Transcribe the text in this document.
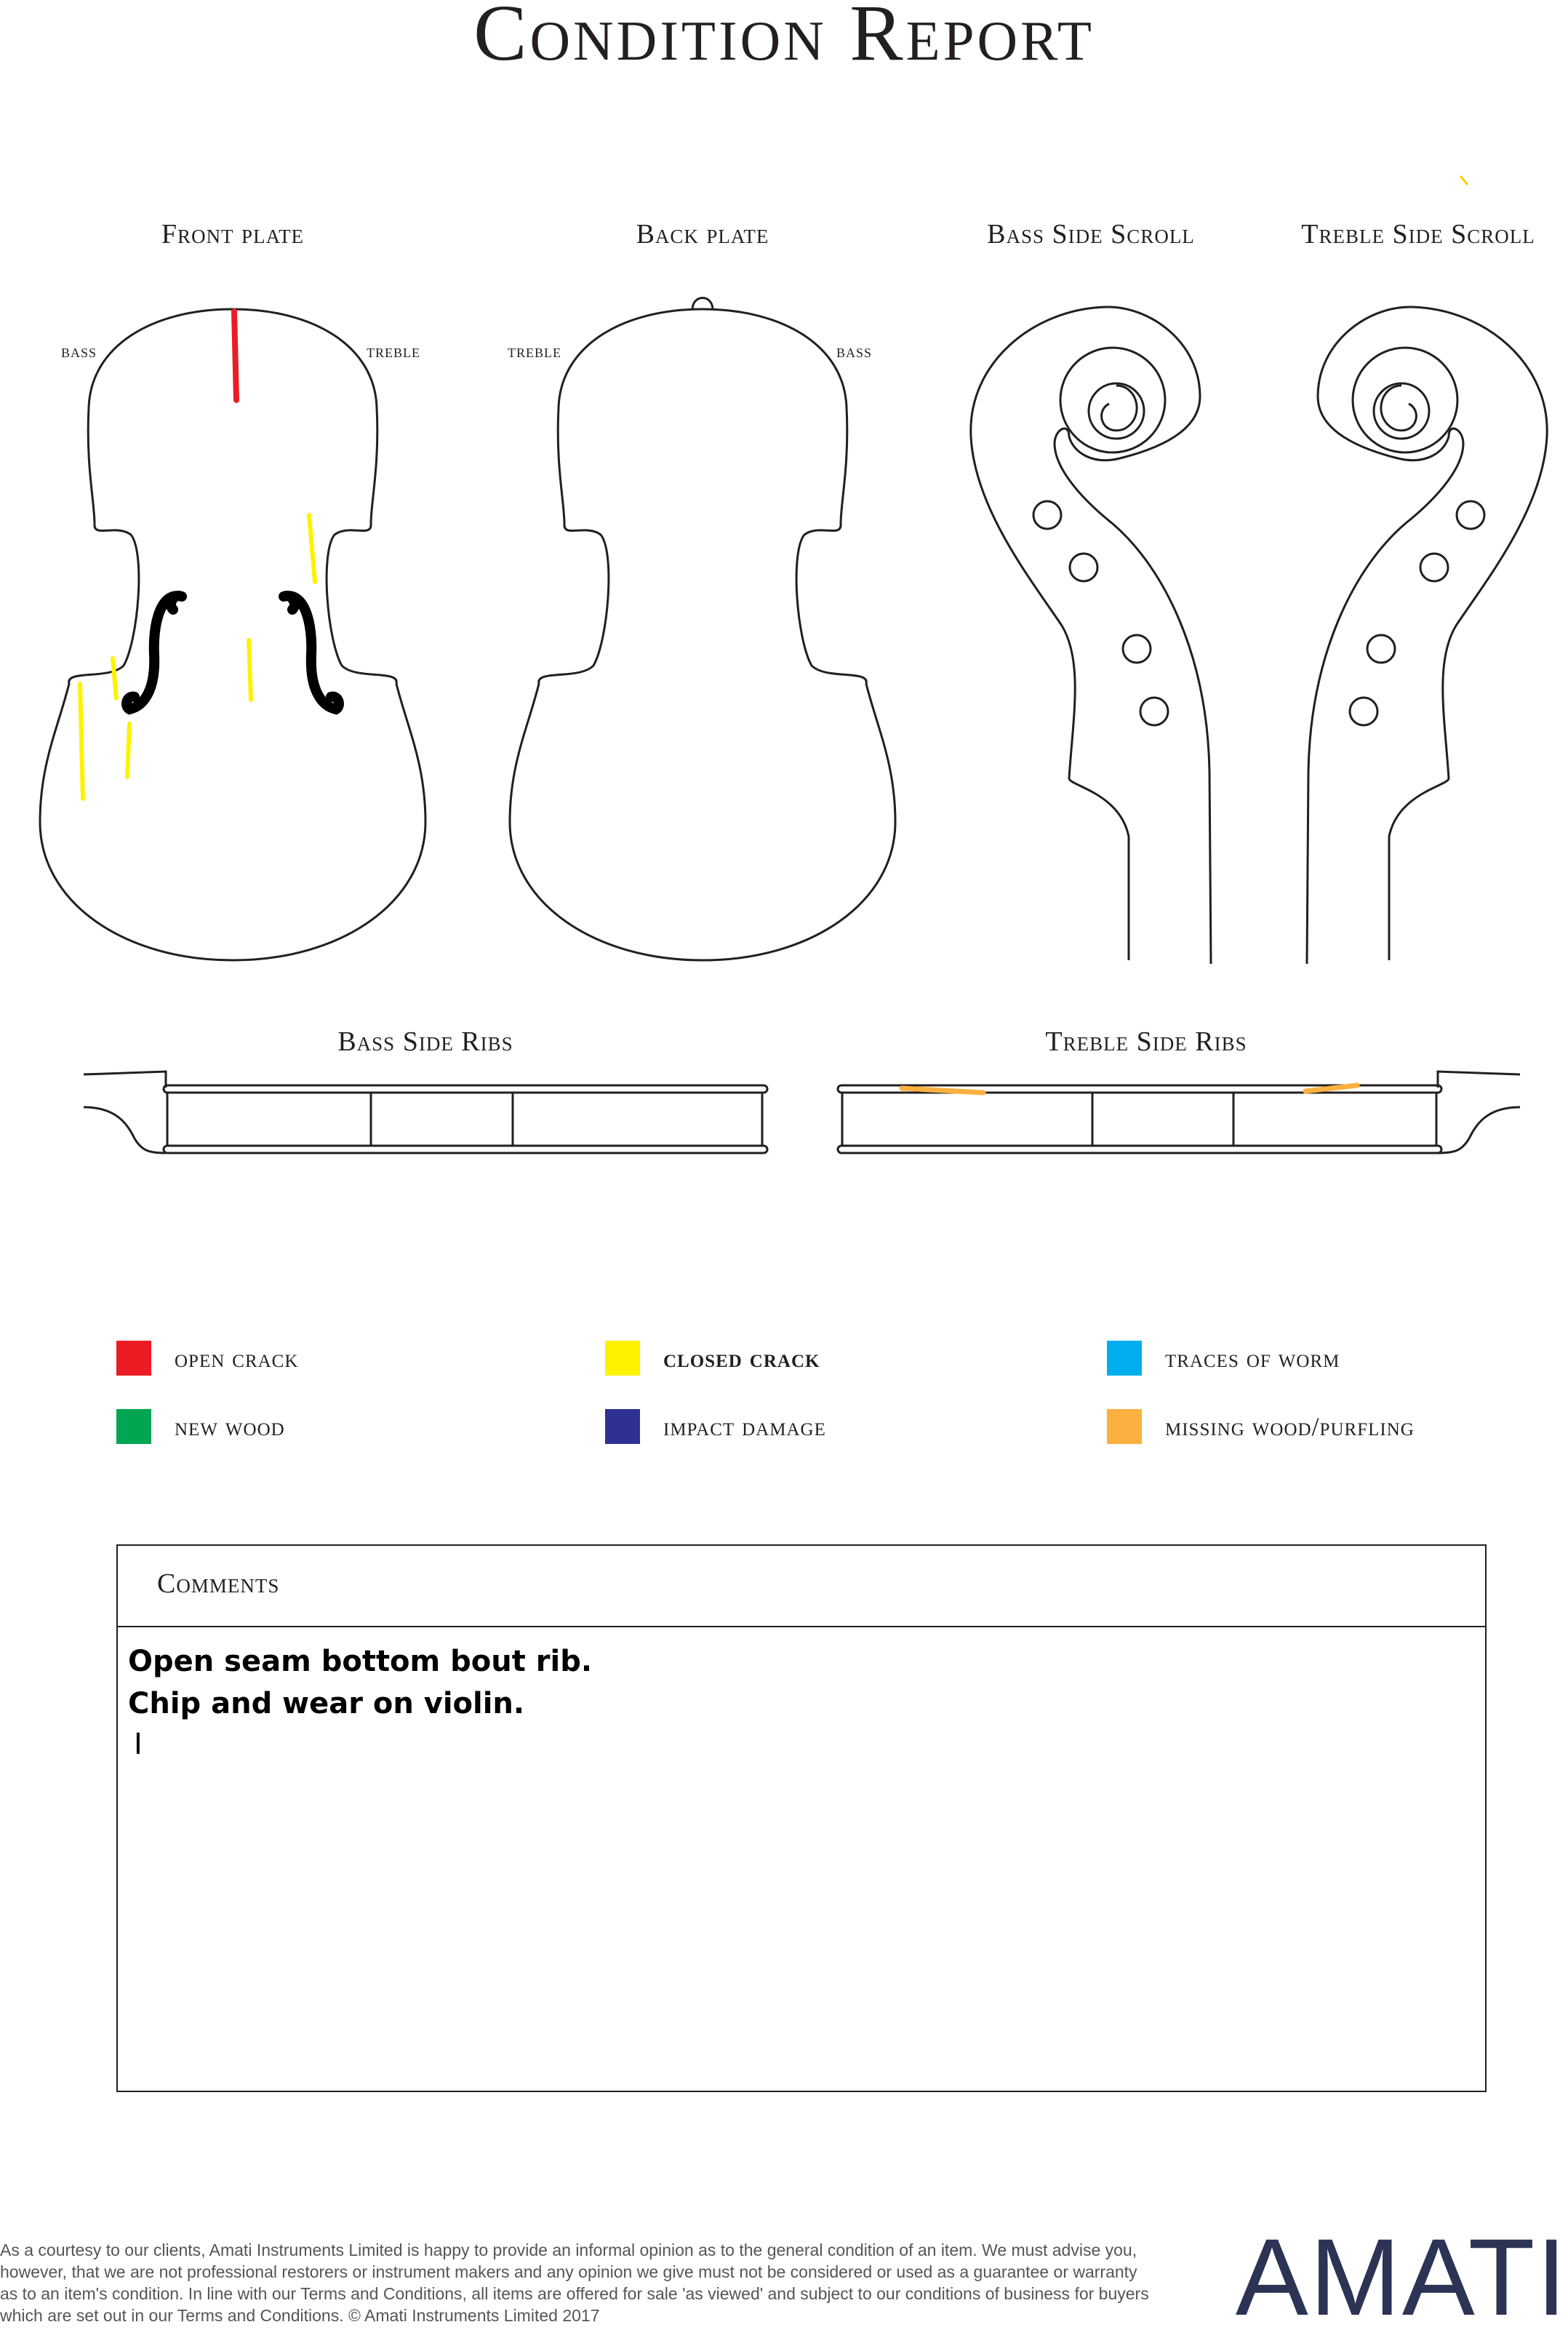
Condition Report
Front plate	Back plate	Bass Side Scroll	Treble Side Scroll
Bass Side Ribs	Treble Side Ribs
bass	treble	treble	bass
open crack	closed crack	traces of worm
new wood	impact damage	missing wood/purfling
Comments
Open seam bottom bout rib.
Chip and wear on violin.
I
As a courtesy to our clients, Amati Instruments Limited is happy to provide an informal opinion as to the general condition of an item. We must advise you, however, that we are not professional restorers or instrument makers and any opinion we give must not be considered or used as a guarantee or warranty as to an item's condition. In line with our Terms and Conditions, all items are offered for sale 'as viewed' and subject to our conditions of business for buyers which are set out in our Terms and Conditions. © Amati Instruments Limited 2017	AMATI
